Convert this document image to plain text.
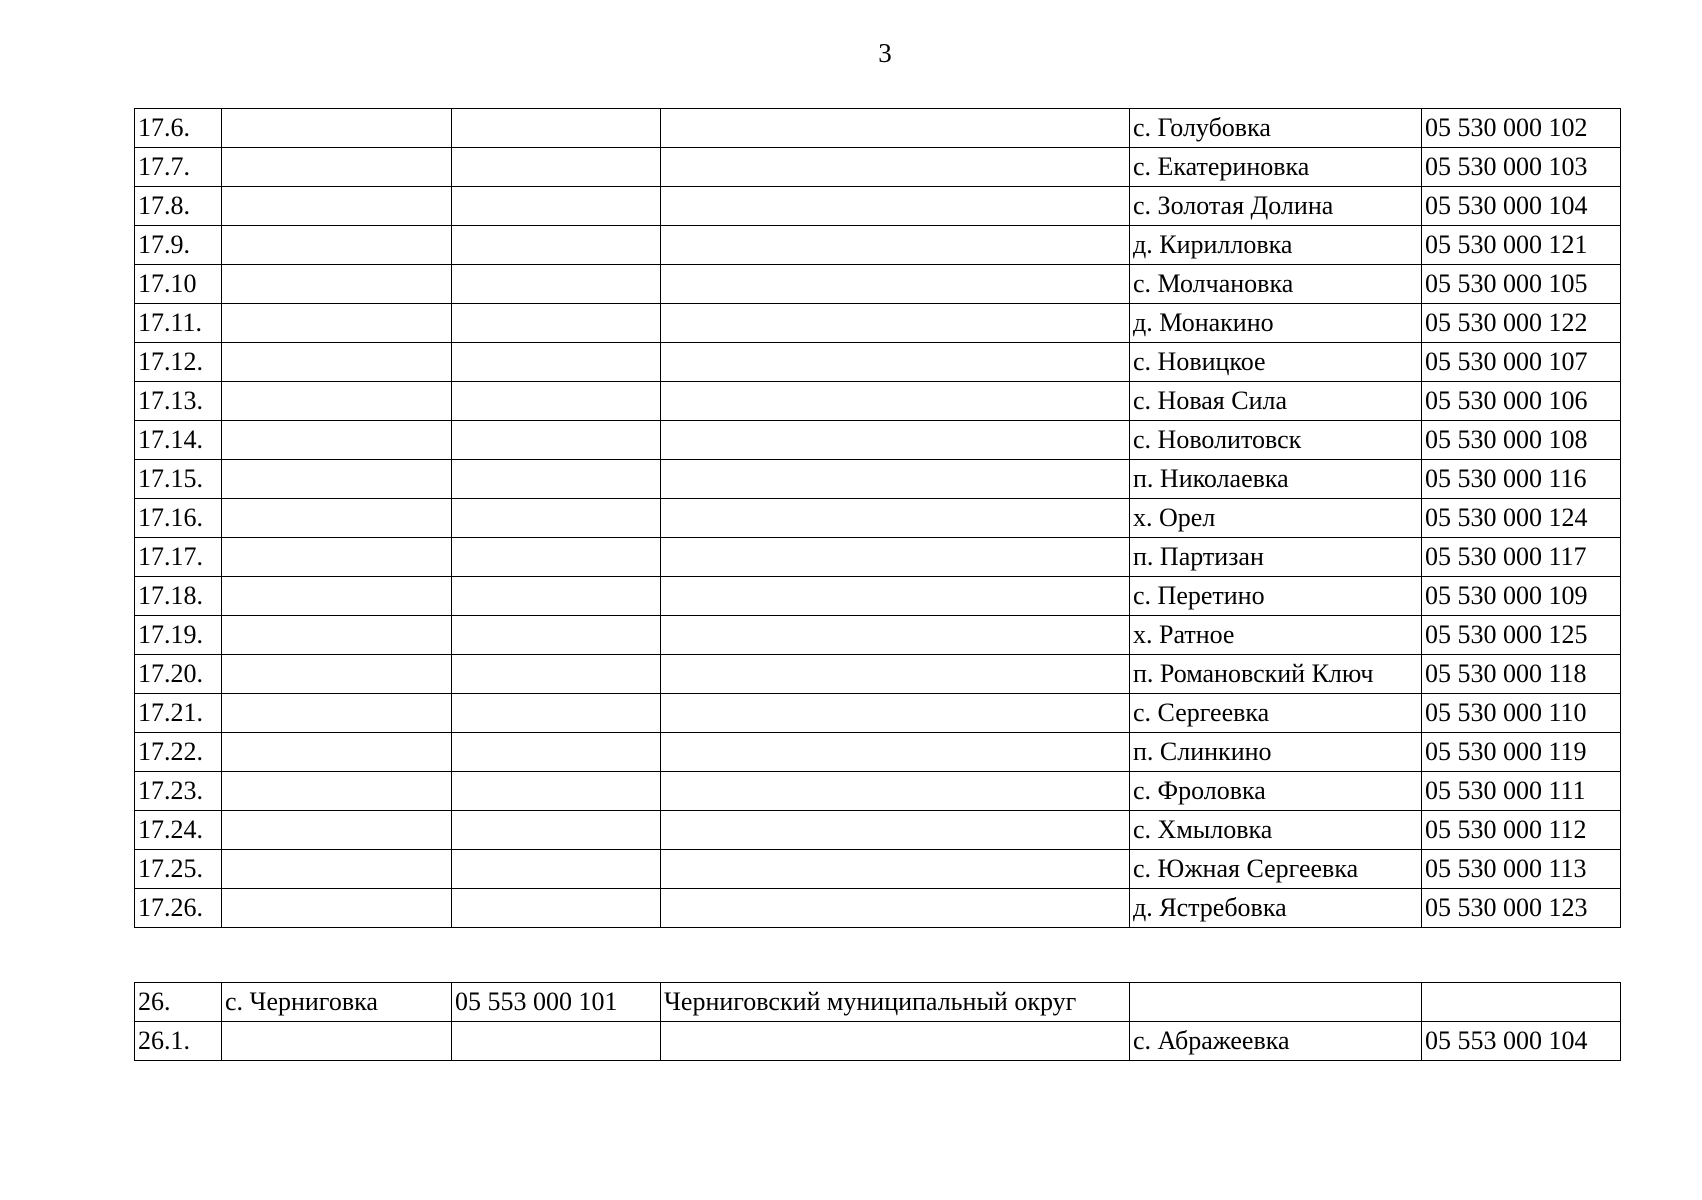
3
17.6.				с. Голубовка	05 530 000 102
17.7.				с. Екатериновка	05 530 000 103
17.8.				с. Золотая Долина	05 530 000 104
17.9.				д. Кирилловка	05 530 000 121
17.10				с. Молчановка	05 530 000 105
17.11.				д. Монакино	05 530 000 122
17.12.				с. Новицкое	05 530 000 107
17.13.				с. Новая Сила	05 530 000 106
17.14.				с. Новолитовск	05 530 000 108
17.15.				п. Николаевка	05 530 000 116
17.16.				х. Орел	05 530 000 124
17.17.				п. Партизан	05 530 000 117
17.18.				с. Перетино	05 530 000 109
17.19.				х. Ратное	05 530 000 125
17.20.				п. Романовский Ключ	05 530 000 118
17.21.				с. Сергеевка	05 530 000 110
17.22.				п. Слинкино	05 530 000 119
17.23.				с. Фроловка	05 530 000 111
17.24.				с. Хмыловка	05 530 000 112
17.25.				с. Южная Сергеевка	05 530 000 113
17.26.				д. Ястребовка	05 530 000 123
26.	с. Черниговка	05 553 000 101	Черниговский муниципальный округ		
26.1.				с. Абражеевка	05 553 000 104
